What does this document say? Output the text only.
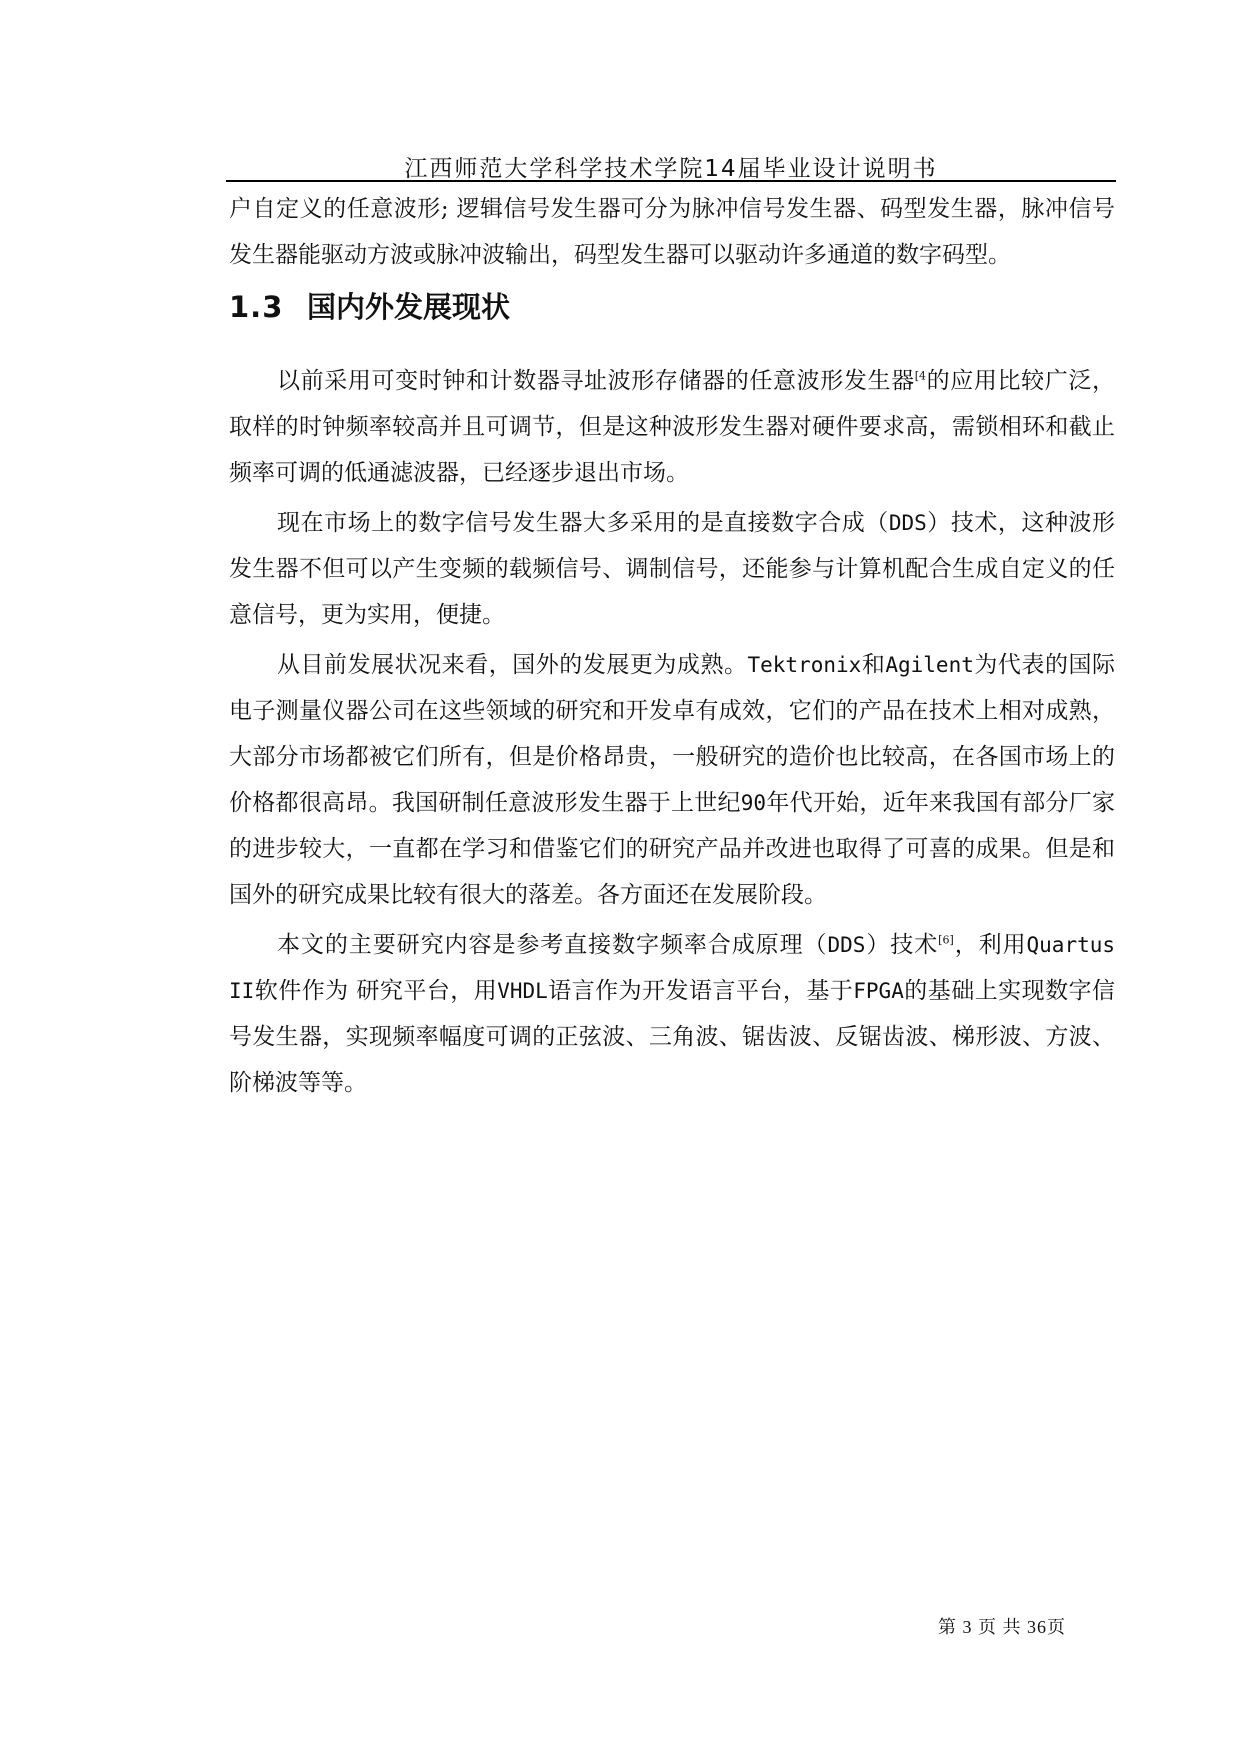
江西师范大学科学技术学院14届毕业设计说明书

户自定义的任意波形; 逻辑信号发生器可分为脉冲信号发生器、码型发生器，脉冲信号发生器能驱动方波或脉冲波输出，码型发生器可以驱动许多通道的数字码型。

1.3 国内外发展现状

以前采用可变时钟和计数器寻址波形存储器的任意波形发生器$^{[4}$的应用比较广泛，取样的时钟频率较高并且可调节，但是这种波形发生器对硬件要求高，需锁相环和截止频率可调的低通滤波器，已经逐步退出市场。

现在市场上的数字信号发生器大多采用的是直接数字合成（DDS）技术，这种波形发生器不但可以产生变频的载频信号、调制信号，还能参与计算机配合生成自定义的任意信号，更为实用，便捷。

从目前发展状况来看，国外的发展更为成熟。Tektronix和Agilent为代表的国际电子测量仪器公司在这些领域的研究和开发卓有成效，它们的产品在技术上相对成熟，大部分市场都被它们所有，但是价格昂贵，一般研究的造价也比较高，在各国市场上的价格都很高昂。我国研制任意波形发生器于上世纪90年代开始，近年来我国有部分厂家的进步较大，一直都在学习和借鉴它们的研究产品并改进也取得了可喜的成果。但是和国外的研究成果比较有很大的落差。各方面还在发展阶段。

本文的主要研究内容是参考直接数字频率合成原理（DDS）技术[6]，利用Quartus II软件作为 研究平台，用VHDL语言作为开发语言平台，基于FPGA的基础上实现数字信号发生器，实现频率幅度可调的正弦波、三角波、锯齿波、反锯齿波、梯形波、方波、阶梯波等等。

第 3 页 共 36页
